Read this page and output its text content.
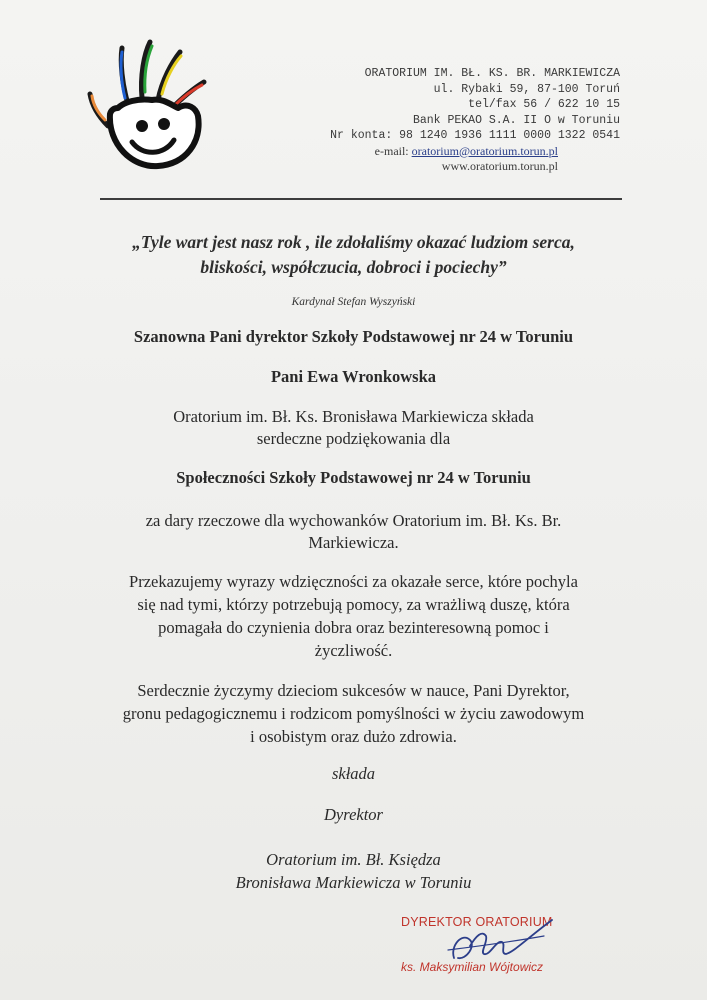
ORATORIUM IM. BŁ. KS. BR. MARKIEWICZA
ul. Rybaki 59, 87-100 Toruń
tel/fax 56 / 622 10 15
Bank PEKAO S.A. II O w Toruniu
Nr konta: 98 1240 1936 1111 0000 1322 0541
e-mail: oratorium@oratorium.torun.pl
www.oratorium.torun.pl
„Tyle wart jest nasz rok , ile zdołaliśmy okazać ludziom serca,
bliskości, współczucia, dobroci i pociechy”
Kardynał Stefan Wyszyński
Szanowna Pani dyrektor Szkoły Podstawowej nr 24 w Toruniu
Pani Ewa Wronkowska
Oratorium im. Bł. Ks. Bronisława Markiewicza składa
serdeczne podziękowania dla
Społeczności Szkoły Podstawowej nr 24 w Toruniu
za dary rzeczowe dla wychowanków Oratorium im. Bł. Ks. Br.
Markiewicza.
Przekazujemy wyrazy wdzięczności za okazałe serce, które pochyla
się nad tymi, którzy potrzebują pomocy, za wrażliwą duszę, która
pomagała do czynienia dobra oraz bezinteresowną pomoc i
życzliwość.
Serdecznie życzymy dzieciom sukcesów w nauce, Pani Dyrektor,
gronu pedagogicznemu i rodzicom pomyślności w życiu zawodowym
i osobistym oraz dużo zdrowia.
składa
Dyrektor
Oratorium im. Bł. Księdza
Bronisława Markiewicza w Toruniu
DYREKTOR ORATORIUM
ks. Maksymilian Wójtowicz
